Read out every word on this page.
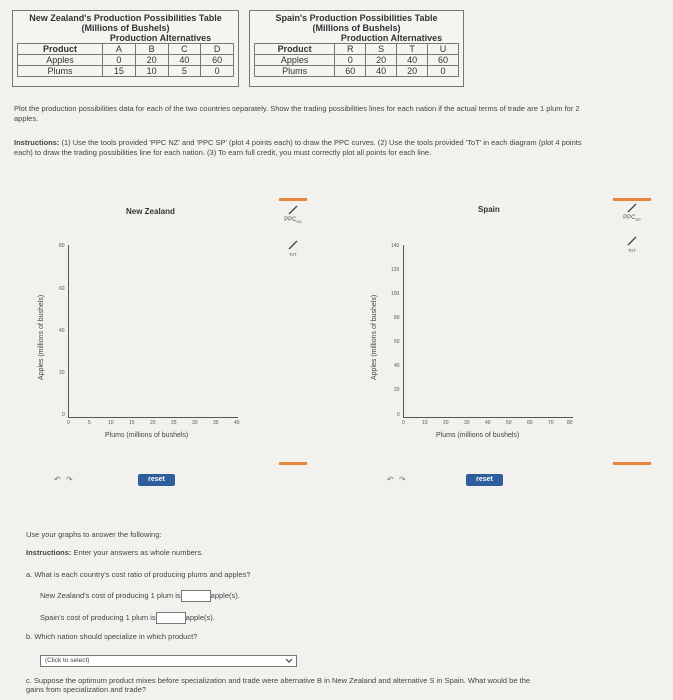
New Zealand's Production Possibilities Table
(Millions of Bushels)
Production Alternatives
Product	A	B	C	D
Apples	0	20	40	60
Plums	15	10	5	0
Spain's Production Possibilities Table
(Millions of Bushels)
Production Alternatives
Product	R	S	T	U
Apples	0	20	40	60
Plums	60	40	20	0
Plot the production possibilities data for each of the two countries separately. Show the trading possibilities lines for each nation if the actual terms of trade are 1 plum for 2 apples.
Instructions: (1) Use the tools provided 'PPC NZ' and 'PPC SP' (plot 4 points each) to draw the PPC curves. (2) Use the tools provided 'ToT' in each diagram (plot 4 points each) to draw the trading possibilities line for each nation. (3) To earn full credit, you must correctly plot all points for each line.
New Zealand
Apples (millions of bushels)
0
20
40
60
80
0	5	10	15	20	25	30	35	40
Plums (millions of bushels)
$PPC_{NZ}$
ToT
↶ ↷	reset
Spain
Apples (millions of bushels)
0
20
40
60
80
100
120
140
0	10	20	30	40	50	60	70	80
Plums (millions of bushels)
$PPC_{SP}$
ToT
↶ ↷	reset
Use your graphs to answer the following:
Instructions: Enter your answers as whole numbers.
a. What is each country's cost ratio of producing plums and apples?
New Zealand's cost of producing 1 plum is	apple(s).
Spain's cost of producing 1 plum is	apple(s).
b. Which nation should specialize in which product?
(Click to select)
c. Suppose the optimum product mixes before specialization and trade were alternative B in New Zealand and alternative S in Spain. What would be the gains from specialization and trade?
